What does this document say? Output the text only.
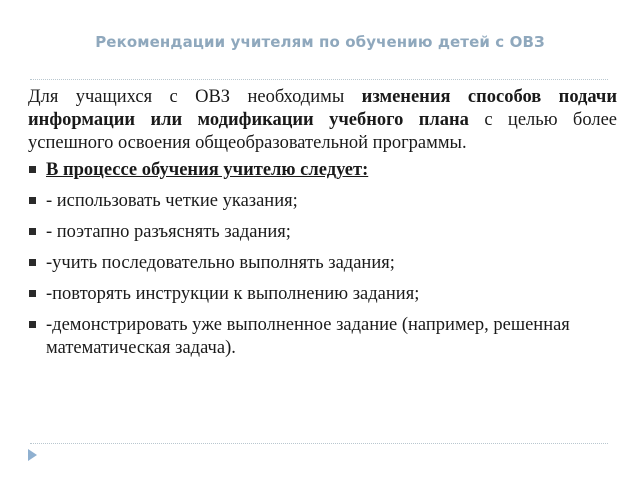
Рекомендации учителям по обучению детей с ОВЗ

Для учащихся с ОВЗ необходимы изменения способов подачи информации или модификации учебного плана с целью более успешного освоения общеобразовательной программы.

В процессе обучения учителю следует:
- использовать четкие указания;
- поэтапно разъяснять задания;
-учить последовательно выполнять задания;
-повторять инструкции к выполнению задания;
-демонстрировать уже выполненное задание (например, решенная математическая задача).
